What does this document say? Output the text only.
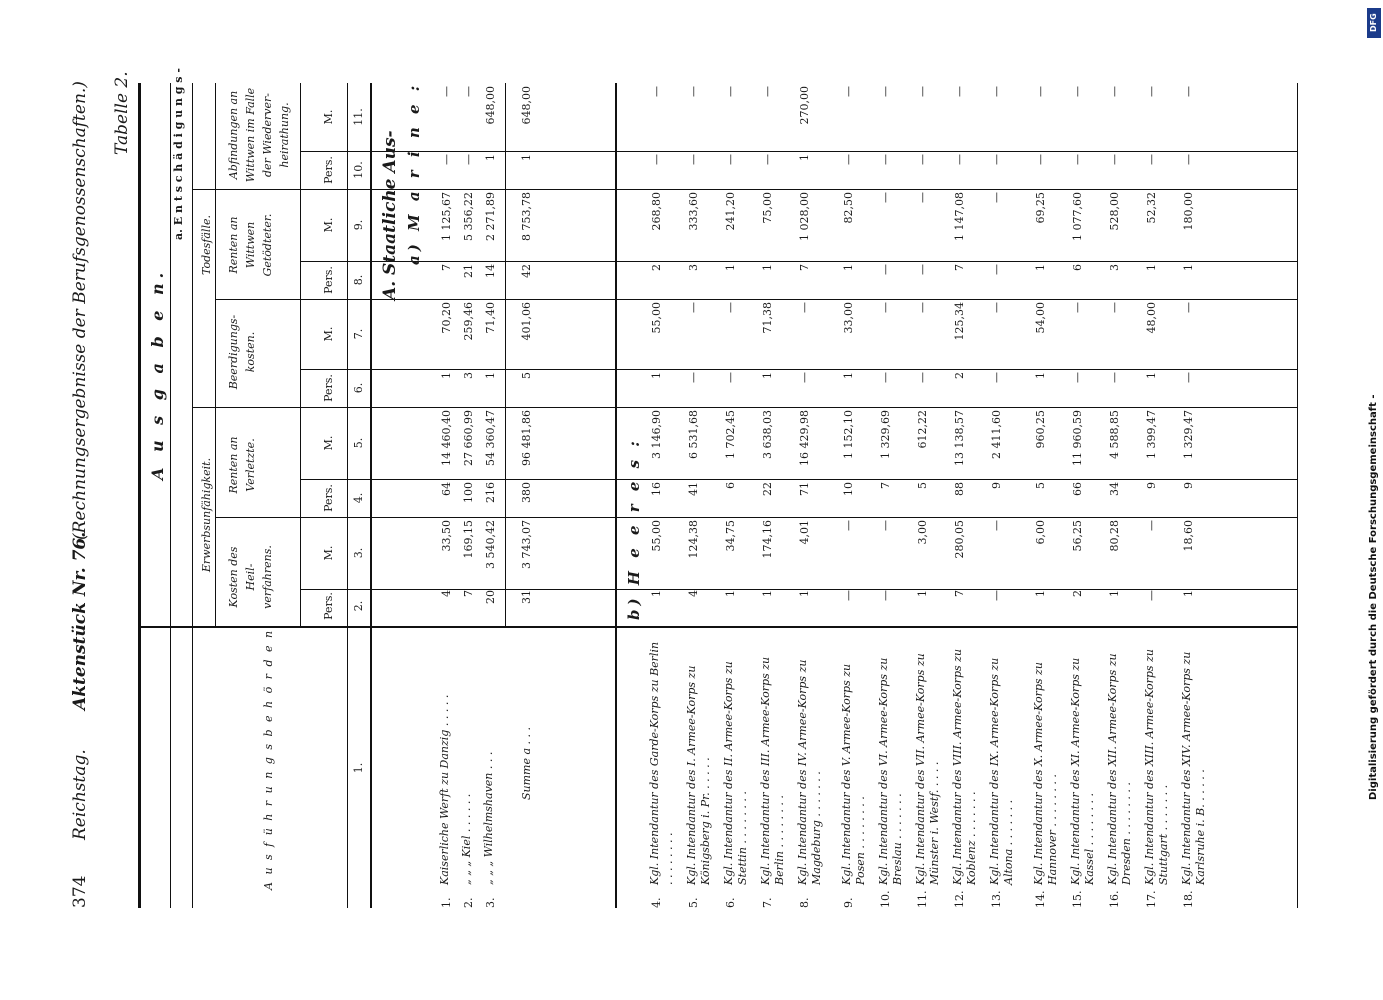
374
Reichstag.
Aktenstück Nr. 76.
(Rechnungsergebnisse der Berufsgenossenschaften.) Tabelle 2.
A u s g a b e n.
a. E n t s c h ä d i g u n g s -
A u s f ü h r u n g s b e h ö r d e n
Erwerbsunfähigkeit.
Todesfälle.
Kosten des Heil-verfahrens.
Renten an Verletzte.
Beerdigungs-kosten.
Renten an Wittwen Getödteter.
Abfindungen an Wittwen im Falle der Wiederver-heirathung.
Pers.
M.
Pers.
M.
Pers.
M.
Pers.
M.
Pers.
M.
1.
2.
3.
4.
5.
6.
7.
8.
9.
10.
11.
A. Staatliche Aus- a) M a r i n e :
1.
Kaiserliche Werft zu Danzig . . . . .
4
33,50
64
14 460,40
1
70,20
7
1 125,67
—
—
2.
„ „ „ Kiel . . . . . .
7
169,15
100
27 660,99
3
259,46
21
5 356,22
—
—
3.
„ „ „ Wilhelmshaven . . .
20
3 540,42
216
54 360,47
1
71,40
14
2 271,89
1
648,00
Summe a . . .
31
3 743,07
380
96 481,86
5
401,06
42
8 753,78
1
648,00
b) H e e r e s :
4.
Kgl. Intendantur des Garde-Korps zu Berlin . . . . . . . .
1
55,00
16
3 146,90
1
55,00
2
268,80
—
—
5.
Kgl. Intendantur des I. Armee-Korps zu Königsberg i. Pr. . . . . .
4
124,38
41
6 531,68
—
—
3
333,60
—
—
6.
Kgl. Intendantur des II. Armee-Korps zu Stettin . . . . . . . .
1
34,75
6
1 702,45
—
—
1
241,20
—
—
7.
Kgl. Intendantur des III. Armee-Korps zu Berlin . . . . . . . .
1
174,16
22
3 638,03
1
71,38
1
75,00
—
—
8.
Kgl. Intendantur des IV. Armee-Korps zu Magdeburg . . . . . . .
1
4,01
71
16 429,98
—
—
7
1 028,00
1
270,00
9.
Kgl. Intendantur des V. Armee-Korps zu Posen . . . . . . . .
—
—
10
1 152,10
1
33,00
1
82,50
—
—
10.
Kgl. Intendantur des VI. Armee-Korps zu Breslau . . . . . . .
—
—
7
1 329,69
—
—
—
—
—
—
11.
Kgl. Intendantur des VII. Armee-Korps zu Münster i. Westf. . . . .
1
3,00
5
612,22
—
—
—
—
—
—
12.
Kgl. Intendantur des VIII. Armee-Korps zu Koblenz . . . . . . .
7
280,05
88
13 138,57
2
125,34
7
1 147,08
—
—
13.
Kgl. Intendantur des IX. Armee-Korps zu Altona . . . . . . .
—
—
9
2 411,60
—
—
—
—
—
—
14.
Kgl. Intendantur des X. Armee-Korps zu Hannover . . . . . . . .
1
6,00
5
960,25
1
54,00
1
69,25
—
—
15.
Kgl. Intendantur des XI. Armee-Korps zu Kassel . . . . . . . .
2
56,25
66
11 960,59
—
—
6
1 077,60
—
—
16.
Kgl. Intendantur des XII. Armee-Korps zu Dresden . . . . . . . .
1
80,28
34
4 588,85
—
—
3
528,00
—
—
17.
Kgl. Intendantur des XIII. Armee-Korps zu Stuttgart . . . . . . .
—
—
9
1 399,47
1
48,00
1
52,32
—
—
18.
Kgl. Intendantur des XIV. Armee-Korps zu Karlsruhe i. B. . . . . .
1
18,60
9
1 329,47
—
—
1
180,00
—
—
DFG
Digitalisierung gefördert durch die Deutsche Forschungsgemeinschaft -
